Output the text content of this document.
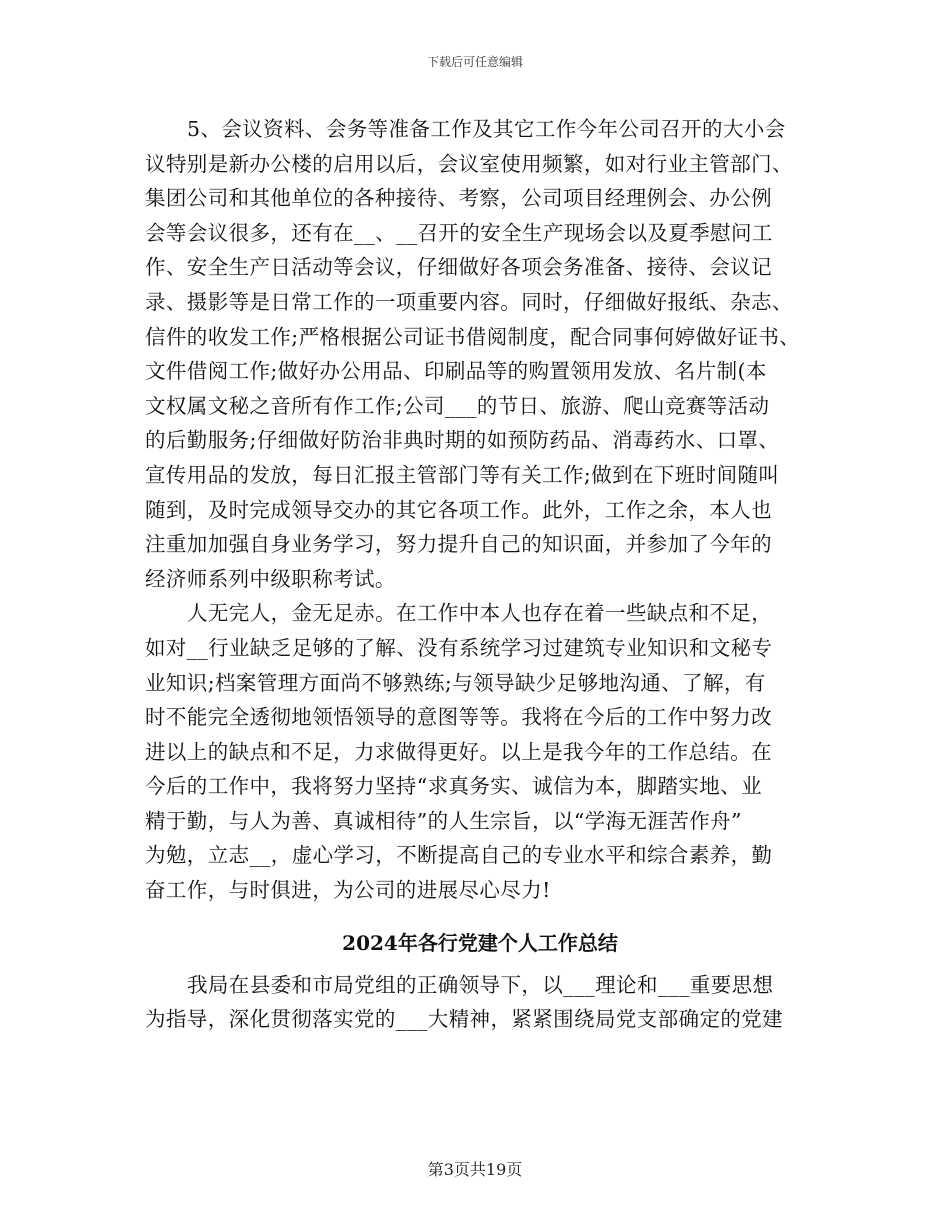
下载后可任意编辑
5、会议资料、会务等准备工作及其它工作今年公司召开的大小会
议特别是新办公楼的启用以后，会议室使用频繁，如对行业主管部门、
集团公司和其他单位的各种接待、考察，公司项目经理例会、办公例
会等会议很多，还有在__、__召开的安全生产现场会以及夏季慰问工
作、安全生产日活动等会议，仔细做好各项会务准备、接待、会议记
录、摄影等是日常工作的一项重要内容。同时，仔细做好报纸、杂志、
信件的收发工作;严格根据公司证书借阅制度，配合同事何婷做好证书、
文件借阅工作;做好办公用品、印刷品等的购置领用发放、名片制(本
文权属文秘之音所有作工作;公司___的节日、旅游、爬山竞赛等活动
的后勤服务;仔细做好防治非典时期的如预防药品、消毒药水、口罩、
宣传用品的发放，每日汇报主管部门等有关工作;做到在下班时间随叫
随到，及时完成领导交办的其它各项工作。此外，工作之余，本人也
注重加加强自身业务学习，努力提升自己的知识面，并参加了今年的
经济师系列中级职称考试。
人无完人，金无足赤。在工作中本人也存在着一些缺点和不足，
如对__行业缺乏足够的了解、没有系统学习过建筑专业知识和文秘专
业知识;档案管理方面尚不够熟练;与领导缺少足够地沟通、了解，有
时不能完全透彻地领悟领导的意图等等。我将在今后的工作中努力改
进以上的缺点和不足，力求做得更好。以上是我今年的工作总结。在
今后的工作中，我将努力坚持“求真务实、诚信为本，脚踏实地、业
精于勤，与人为善、真诚相待”的人生宗旨，以“学海无涯苦作舟”
为勉，立志__，虚心学习，不断提高自己的专业水平和综合素养，勤
奋工作，与时俱进，为公司的进展尽心尽力!
2024年各行党建个人工作总结
我局在县委和市局党组的正确领导下，以___理论和___重要思想
为指导，深化贯彻落实党的___大精神，紧紧围绕局党支部确定的党建
第3页共19页
